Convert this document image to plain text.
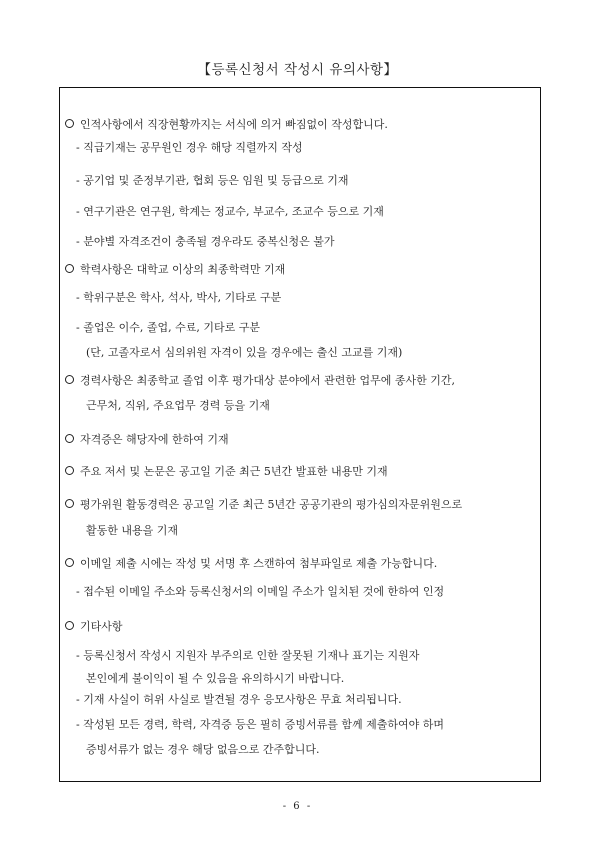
【등록신청서 작성시 유의사항】
인적사항에서 직장현황까지는 서식에 의거 빠짐없이 작성합니다.
- 직급기재는 공무원인 경우 해당 직렬까지 작성
- 공기업 및 준정부기관, 협회 등은 임원 및 등급으로 기재
- 연구기관은 연구원, 학계는 정교수, 부교수, 조교수 등으로 기재
- 분야별 자격조건이 충족될 경우라도 중복신청은 불가
학력사항은 대학교 이상의 최종학력만 기재
- 학위구분은 학사, 석사, 박사, 기타로 구분
- 졸업은 이수, 졸업, 수료, 기타로 구분
(단, 고졸자로서 심의위원 자격이 있을 경우에는 출신 고교를 기재)
경력사항은 최종학교 졸업 이후 평가대상 분야에서 관련한 업무에 종사한 기간,
근무처, 직위, 주요업무 경력 등을 기재
자격증은 해당자에 한하여 기재
주요 저서 및 논문은 공고일 기준 최근 5년간 발표한 내용만 기재
평가위원 활동경력은 공고일 기준 최근 5년간 공공기관의 평가심의자문위원으로
활동한 내용을 기재
이메일 제출 시에는 작성 및 서명 후 스캔하여 첨부파일로 제출 가능합니다.
- 접수된 이메일 주소와 등록신청서의 이메일 주소가 일치된 것에 한하여 인정
기타사항
- 등록신청서 작성시 지원자 부주의로 인한 잘못된 기재나 표기는 지원자
본인에게 불이익이 될 수 있음을 유의하시기 바랍니다.
- 기재 사실이 허위 사실로 발견될 경우 응모사항은 무효 처리됩니다.
- 작성된 모든 경력, 학력, 자격증 등은 필히 증빙서류를 함께 제출하여야 하며
증빙서류가 없는 경우 해당 없음으로 간주합니다.
- 6 -
